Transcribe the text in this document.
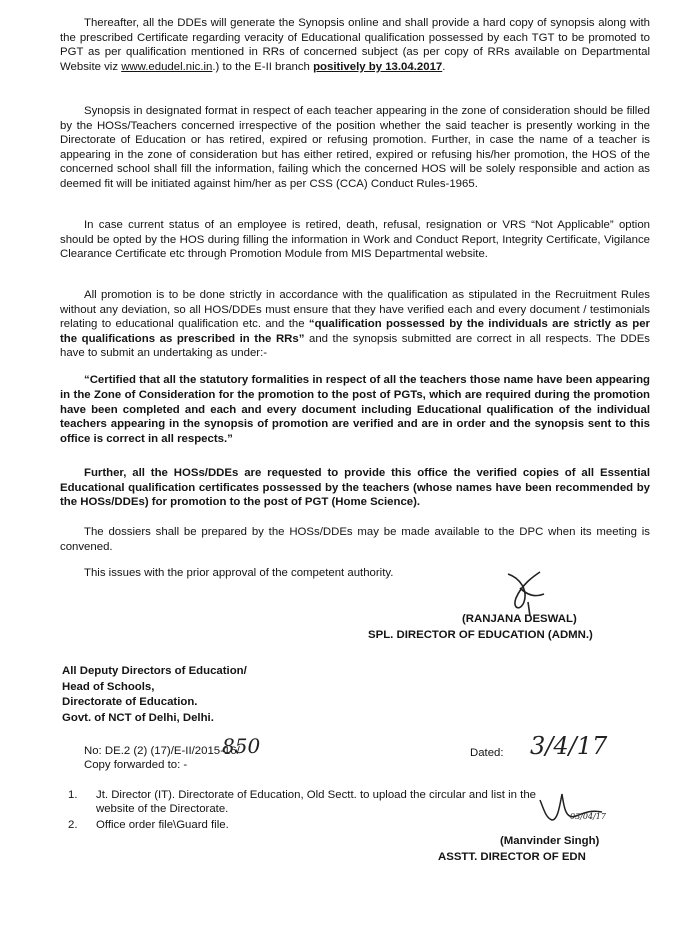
Thereafter, all the DDEs will generate the Synopsis online and shall provide a hard copy of synopsis along with the prescribed Certificate regarding veracity of Educational qualification possessed by each TGT to be promoted to PGT as per qualification mentioned in RRs of concerned subject (as per copy of RRs available on Departmental Website viz www.edudel.nic.in.) to the E-II branch positively by 13.04.2017.

Synopsis in designated format in respect of each teacher appearing in the zone of consideration should be filled by the HOSs/Teachers concerned irrespective of the position whether the said teacher is presently working in the Directorate of Education or has retired, expired or refusing promotion. Further, in case the name of a teacher is appearing in the zone of consideration but has either retired, expired or refusing his/her promotion, the HOS of the concerned school shall fill the information, failing which the concerned HOS will be solely responsible and action as deemed fit will be initiated against him/her as per CSS (CCA) Conduct Rules-1965.

In case current status of an employee is retired, death, refusal, resignation or VRS “Not Applicable” option should be opted by the HOS during filling the information in Work and Conduct Report, Integrity Certificate, Vigilance Clearance Certificate etc through Promotion Module from MIS Departmental website.

All promotion is to be done strictly in accordance with the qualification as stipulated in the Recruitment Rules without any deviation, so all HOS/DDEs must ensure that they have verified each and every document / testimonials relating to educational qualification etc. and the “qualification possessed by the individuals are strictly as per the qualifications as prescribed in the RRs” and the synopsis submitted are correct in all respects. The DDEs have to submit an undertaking as under:-

“Certified that all the statutory formalities in respect of all the teachers those name have been appearing in the Zone of Consideration for the promotion to the post of PGTs, which are required during the promotion have been completed and each and every document including Educational qualification of the individual teachers appearing in the synopsis of promotion are verified and are in order and the synopsis sent to this office is correct in all respects.”

Further, all the HOSs/DDEs are requested to provide this office the verified copies of all Essential Educational qualification certificates possessed by the teachers (whose names have been recommended by the HOSs/DDEs) for promotion to the post of PGT (Home Science).

The dossiers shall be prepared by the HOSs/DDEs may be made available to the DPC when its meeting is convened.

This issues with the prior approval of the competent authority.

(RANJANA DESWAL)
SPL. DIRECTOR OF EDUCATION (ADMN.)
All Deputy Directors of Education/
Head of Schools,
Directorate of Education.
Govt. of NCT of Delhi, Delhi.
No: DE.2 (2) (17)/E-II/2015-16/
850	Dated: 3/4/17
Copy forwarded to: -
1.	Jt. Director (IT). Directorate of Education, Old Sectt. to upload the circular and list in the website of the Directorate.
2.	Office order file\Guard file.
03/04/17
(Manvinder Singh)
ASSTT. DIRECTOR OF EDN
